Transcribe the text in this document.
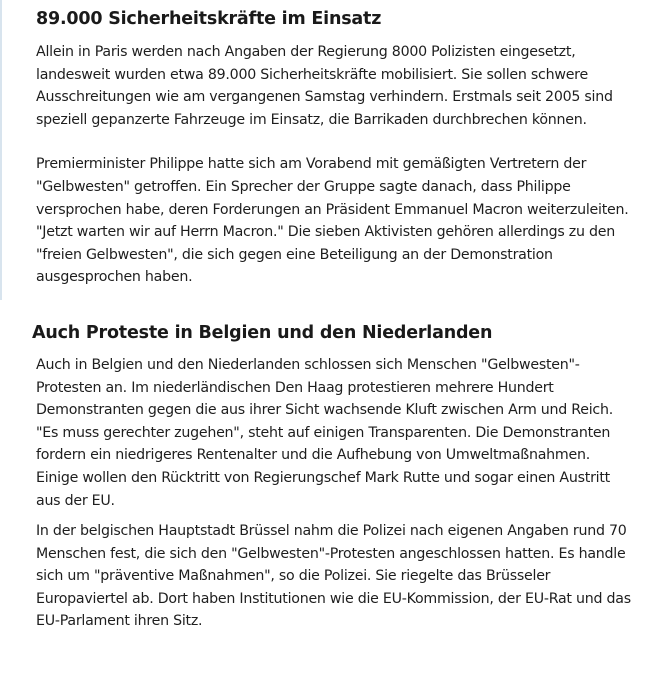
89.000 Sicherheitskräfte im Einsatz

Allein in Paris werden nach Angaben der Regierung 8000 Polizisten eingesetzt,
landesweit wurden etwa 89.000 Sicherheitskräfte mobilisiert. Sie sollen schwere
Ausschreitungen wie am vergangenen Samstag verhindern. Erstmals seit 2005 sind
speziell gepanzerte Fahrzeuge im Einsatz, die Barrikaden durchbrechen können.

Premierminister Philippe hatte sich am Vorabend mit gemäßigten Vertretern der
"Gelbwesten" getroffen. Ein Sprecher der Gruppe sagte danach, dass Philippe
versprochen habe, deren Forderungen an Präsident Emmanuel Macron weiterzuleiten.
"Jetzt warten wir auf Herrn Macron." Die sieben Aktivisten gehören allerdings zu den
"freien Gelbwesten", die sich gegen eine Beteiligung an der Demonstration
ausgesprochen haben.

Auch Proteste in Belgien und den Niederlanden

Auch in Belgien und den Niederlanden schlossen sich Menschen "Gelbwesten"-
Protesten an. Im niederländischen Den Haag protestieren mehrere Hundert
Demonstranten gegen die aus ihrer Sicht wachsende Kluft zwischen Arm und Reich.
"Es muss gerechter zugehen", steht auf einigen Transparenten. Die Demonstranten
fordern ein niedrigeres Rentenalter und die Aufhebung von Umweltmaßnahmen.
Einige wollen den Rücktritt von Regierungschef Mark Rutte und sogar einen Austritt
aus der EU.

In der belgischen Hauptstadt Brüssel nahm die Polizei nach eigenen Angaben rund 70
Menschen fest, die sich den "Gelbwesten"-Protesten angeschlossen hatten. Es handle
sich um "präventive Maßnahmen", so die Polizei. Sie riegelte das Brüsseler
Europaviertel ab. Dort haben Institutionen wie die EU-Kommission, der EU-Rat und das
EU-Parlament ihren Sitz.
